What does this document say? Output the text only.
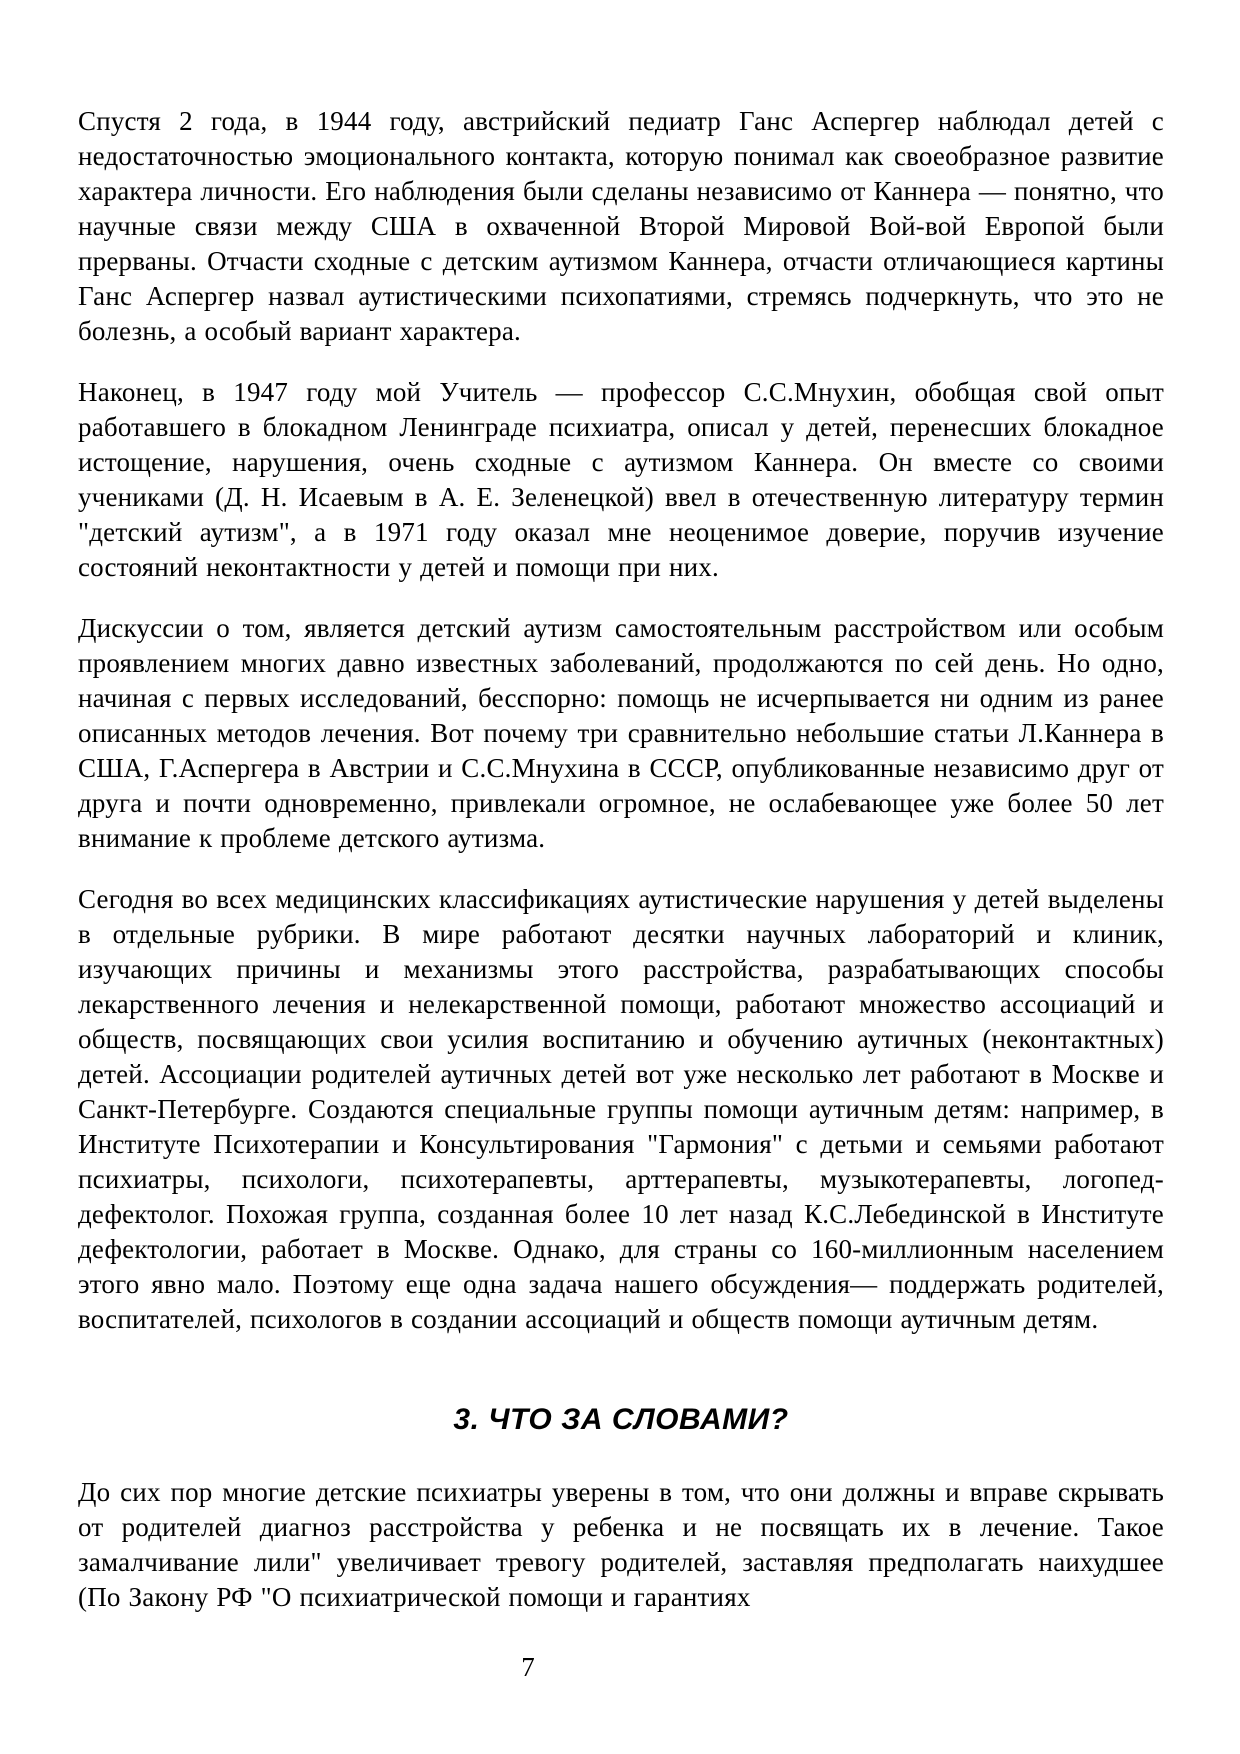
Спустя 2 года, в 1944 году, австрийский педиатр Ганс Аспергер наблюдал детей с недостаточностью эмоционального контакта, которую понимал как своеобразное развитие характера личности. Его наблюдения были сделаны независимо от Каннера — понятно, что научные связи между США в охваченной Второй Мировой Вой-вой Европой были прерваны. Отчасти сходные с детским аутизмом Каннера, отчасти отличающиеся картины Ганс Аспергер назвал аутистическими психопатиями, стремясь подчеркнуть, что это не болезнь, а особый вариант характера.

Наконец, в 1947 году мой Учитель — профессор С.С.Мнухин, обобщая свой опыт работавшего в блокадном Ленинграде психиатра, описал у детей, перенесших блокадное истощение, нарушения, очень сходные с аутизмом Каннера. Он вместе со своими учениками (Д. Н. Исаевым в А. Е. Зеленецкой) ввел в отечественную литературу термин "детский аутизм", а в 1971 году оказал мне неоценимое доверие, поручив изучение состояний неконтактности у детей и помощи при них.

Дискуссии о том, является детский аутизм самостоятельным расстройством или особым проявлением многих давно известных заболеваний, продолжаются по сей день. Но одно, начиная с первых исследований, бесспорно: помощь не исчерпывается ни одним из ранее описанных методов лечения. Вот почему три сравнительно небольшие статьи Л.Каннера в США, Г.Аспергера в Австрии и С.С.Мнухина в СССР, опубликованные независимо друг от друга и почти одновременно, привлекали огромное, не ослабевающее уже более 50 лет внимание к проблеме детского аутизма.

Сегодня во всех медицинских классификациях аутистические нарушения у детей выделены в отдельные рубрики. В мире работают десятки научных лабораторий и клиник, изучающих причины и механизмы этого расстройства, разрабатывающих способы лекарственного лечения и нелекарственной помощи, работают множество ассоциаций и обществ, посвящающих свои усилия воспитанию и обучению аутичных (неконтактных) детей. Ассоциации родителей аутичных детей вот уже несколько лет работают в Москве и Санкт-Петербурге. Создаются специальные группы помощи аутичным детям: например, в Институте Психотерапии и Консультирования "Гармония" с детьми и семьями работают психиатры, психологи, психотерапевты, арттерапевты, музыкотерапевты, логопед-дефектолог. Похожая группа, созданная более 10 лет назад К.С.Лебединской в Институте дефектологии, работает в Москве. Однако, для страны со 160-миллионным населением этого явно мало. Поэтому еще одна задача нашего обсуждения— поддержать родителей, воспитателей, психологов в создании ассоциаций и обществ помощи аутичным детям.

3. ЧТО ЗА СЛОВАМИ?

До сих пор многие детские психиатры уверены в том, что они должны и вправе скрывать от родителей диагноз расстройства у ребенка и не посвящать их в лечение. Такое замалчивание лили" увеличивает тревогу родителей, заставляя предполагать наихудшее (По Закону РФ "О психиатрической помощи и гарантиях

7
